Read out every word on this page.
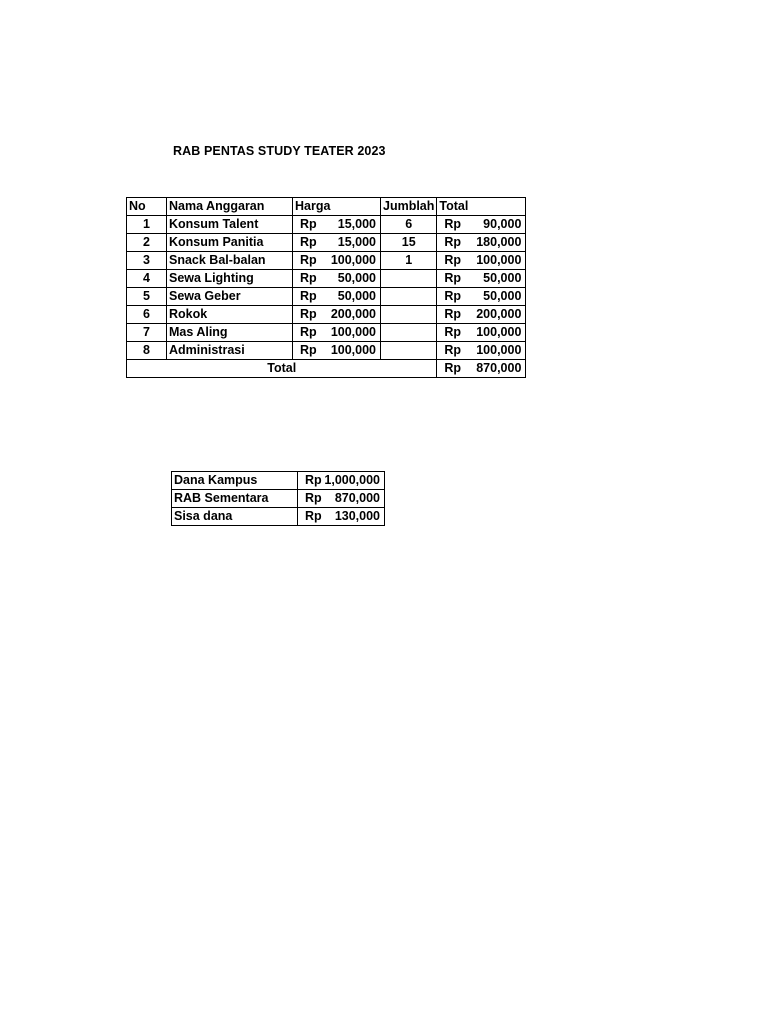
RAB PENTAS STUDY TEATER 2023
No	Nama Anggaran	Harga	Jumblah	Total
1	Konsum Talent	Rp 15,000	6	Rp 90,000

2	Konsum Panitia	Rp 15,000	15	Rp 180,000

3	Snack Bal-balan	Rp 100,000	1	Rp 100,000

4	Sewa Lighting	Rp 50,000		Rp 50,000

5	Sewa Geber	Rp 50,000		Rp 50,000

6	Rokok	Rp 200,000		Rp 200,000

7	Mas Aling	Rp 100,000		Rp 100,000

8	Administrasi	Rp 100,000		Rp 100,000

Total				Rp 870,000
Dana Kampus	Rp 1,000,000

RAB Sementara	Rp 870,000

Sisa dana	Rp 130,000
